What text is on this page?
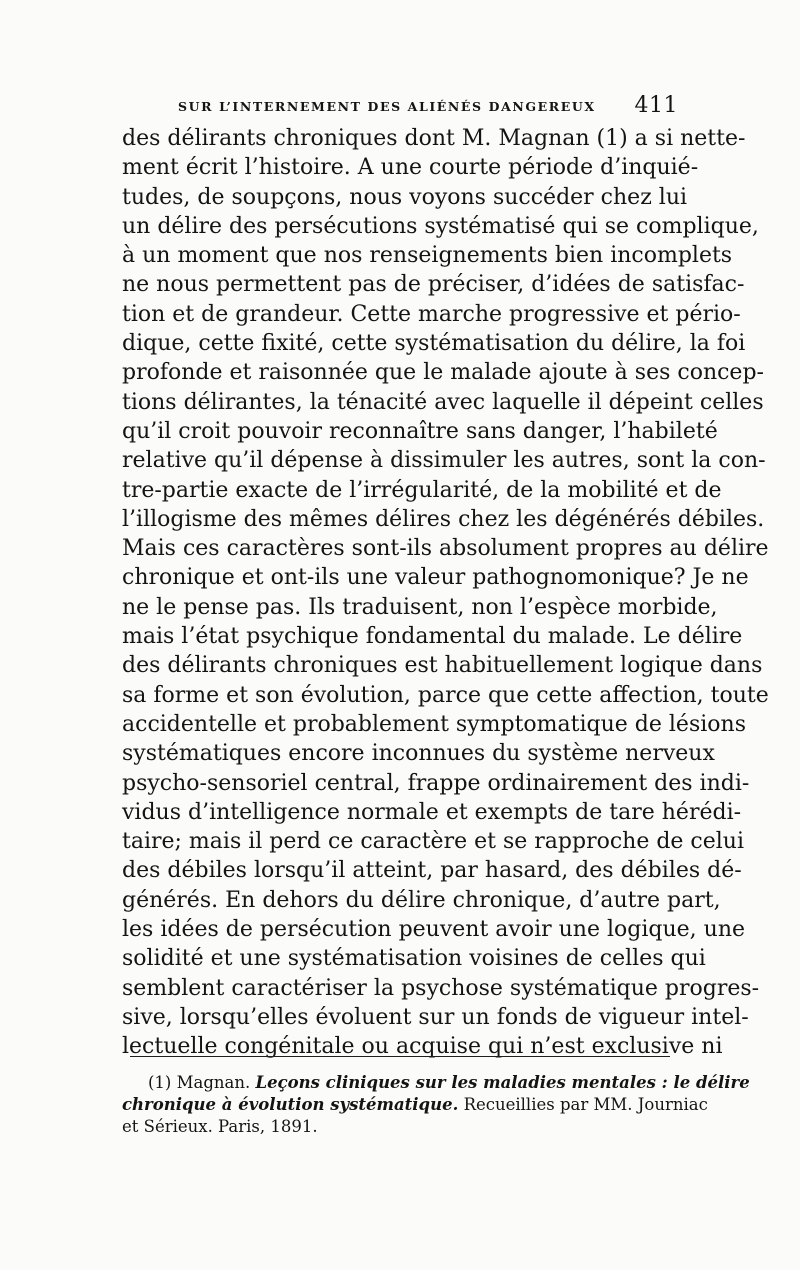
SUR L’INTERNEMENT DES ALIÉNÉS DANGEREUX 411
des délirants chroniques dont M. Magnan (1) a si nette-
ment écrit l’histoire. A une courte période d’inquié-
tudes, de soupçons, nous voyons succéder chez lui
un délire des persécutions systématisé qui se complique,
à un moment que nos renseignements bien incomplets
ne nous permettent pas de préciser, d’idées de satisfac-
tion et de grandeur. Cette marche progressive et pério-
dique, cette fixité, cette systématisation du délire, la foi
profonde et raisonnée que le malade ajoute à ses concep-
tions délirantes, la ténacité avec laquelle il dépeint celles
qu’il croit pouvoir reconnaître sans danger, l’habileté
relative qu’il dépense à dissimuler les autres, sont la con-
tre-partie exacte de l’irrégularité, de la mobilité et de
l’illogisme des mêmes délires chez les dégénérés débiles.
Mais ces caractères sont-ils absolument propres au délire
chronique et ont-ils une valeur pathognomonique? Je ne
ne le pense pas. Ils traduisent, non l’espèce morbide,
mais l’état psychique fondamental du malade. Le délire
des délirants chroniques est habituellement logique dans
sa forme et son évolution, parce que cette affection, toute
accidentelle et probablement symptomatique de lésions
systématiques encore inconnues du système nerveux
psycho-sensoriel central, frappe ordinairement des indi-
vidus d’intelligence normale et exempts de tare hérédi-
taire; mais il perd ce caractère et se rapproche de celui
des débiles lorsqu’il atteint, par hasard, des débiles dé-
générés. En dehors du délire chronique, d’autre part,
les idées de persécution peuvent avoir une logique, une
solidité et une systématisation voisines de celles qui
semblent caractériser la psychose systématique progres-
sive, lorsqu’elles évoluent sur un fonds de vigueur intel-
lectuelle congénitale ou acquise qui n’est exclusive ni
(1) Magnan. Leçons cliniques sur les maladies mentales : le délire
chronique à évolution systématique. Recueillies par MM. Journiac
et Sérieux. Paris, 1891.
